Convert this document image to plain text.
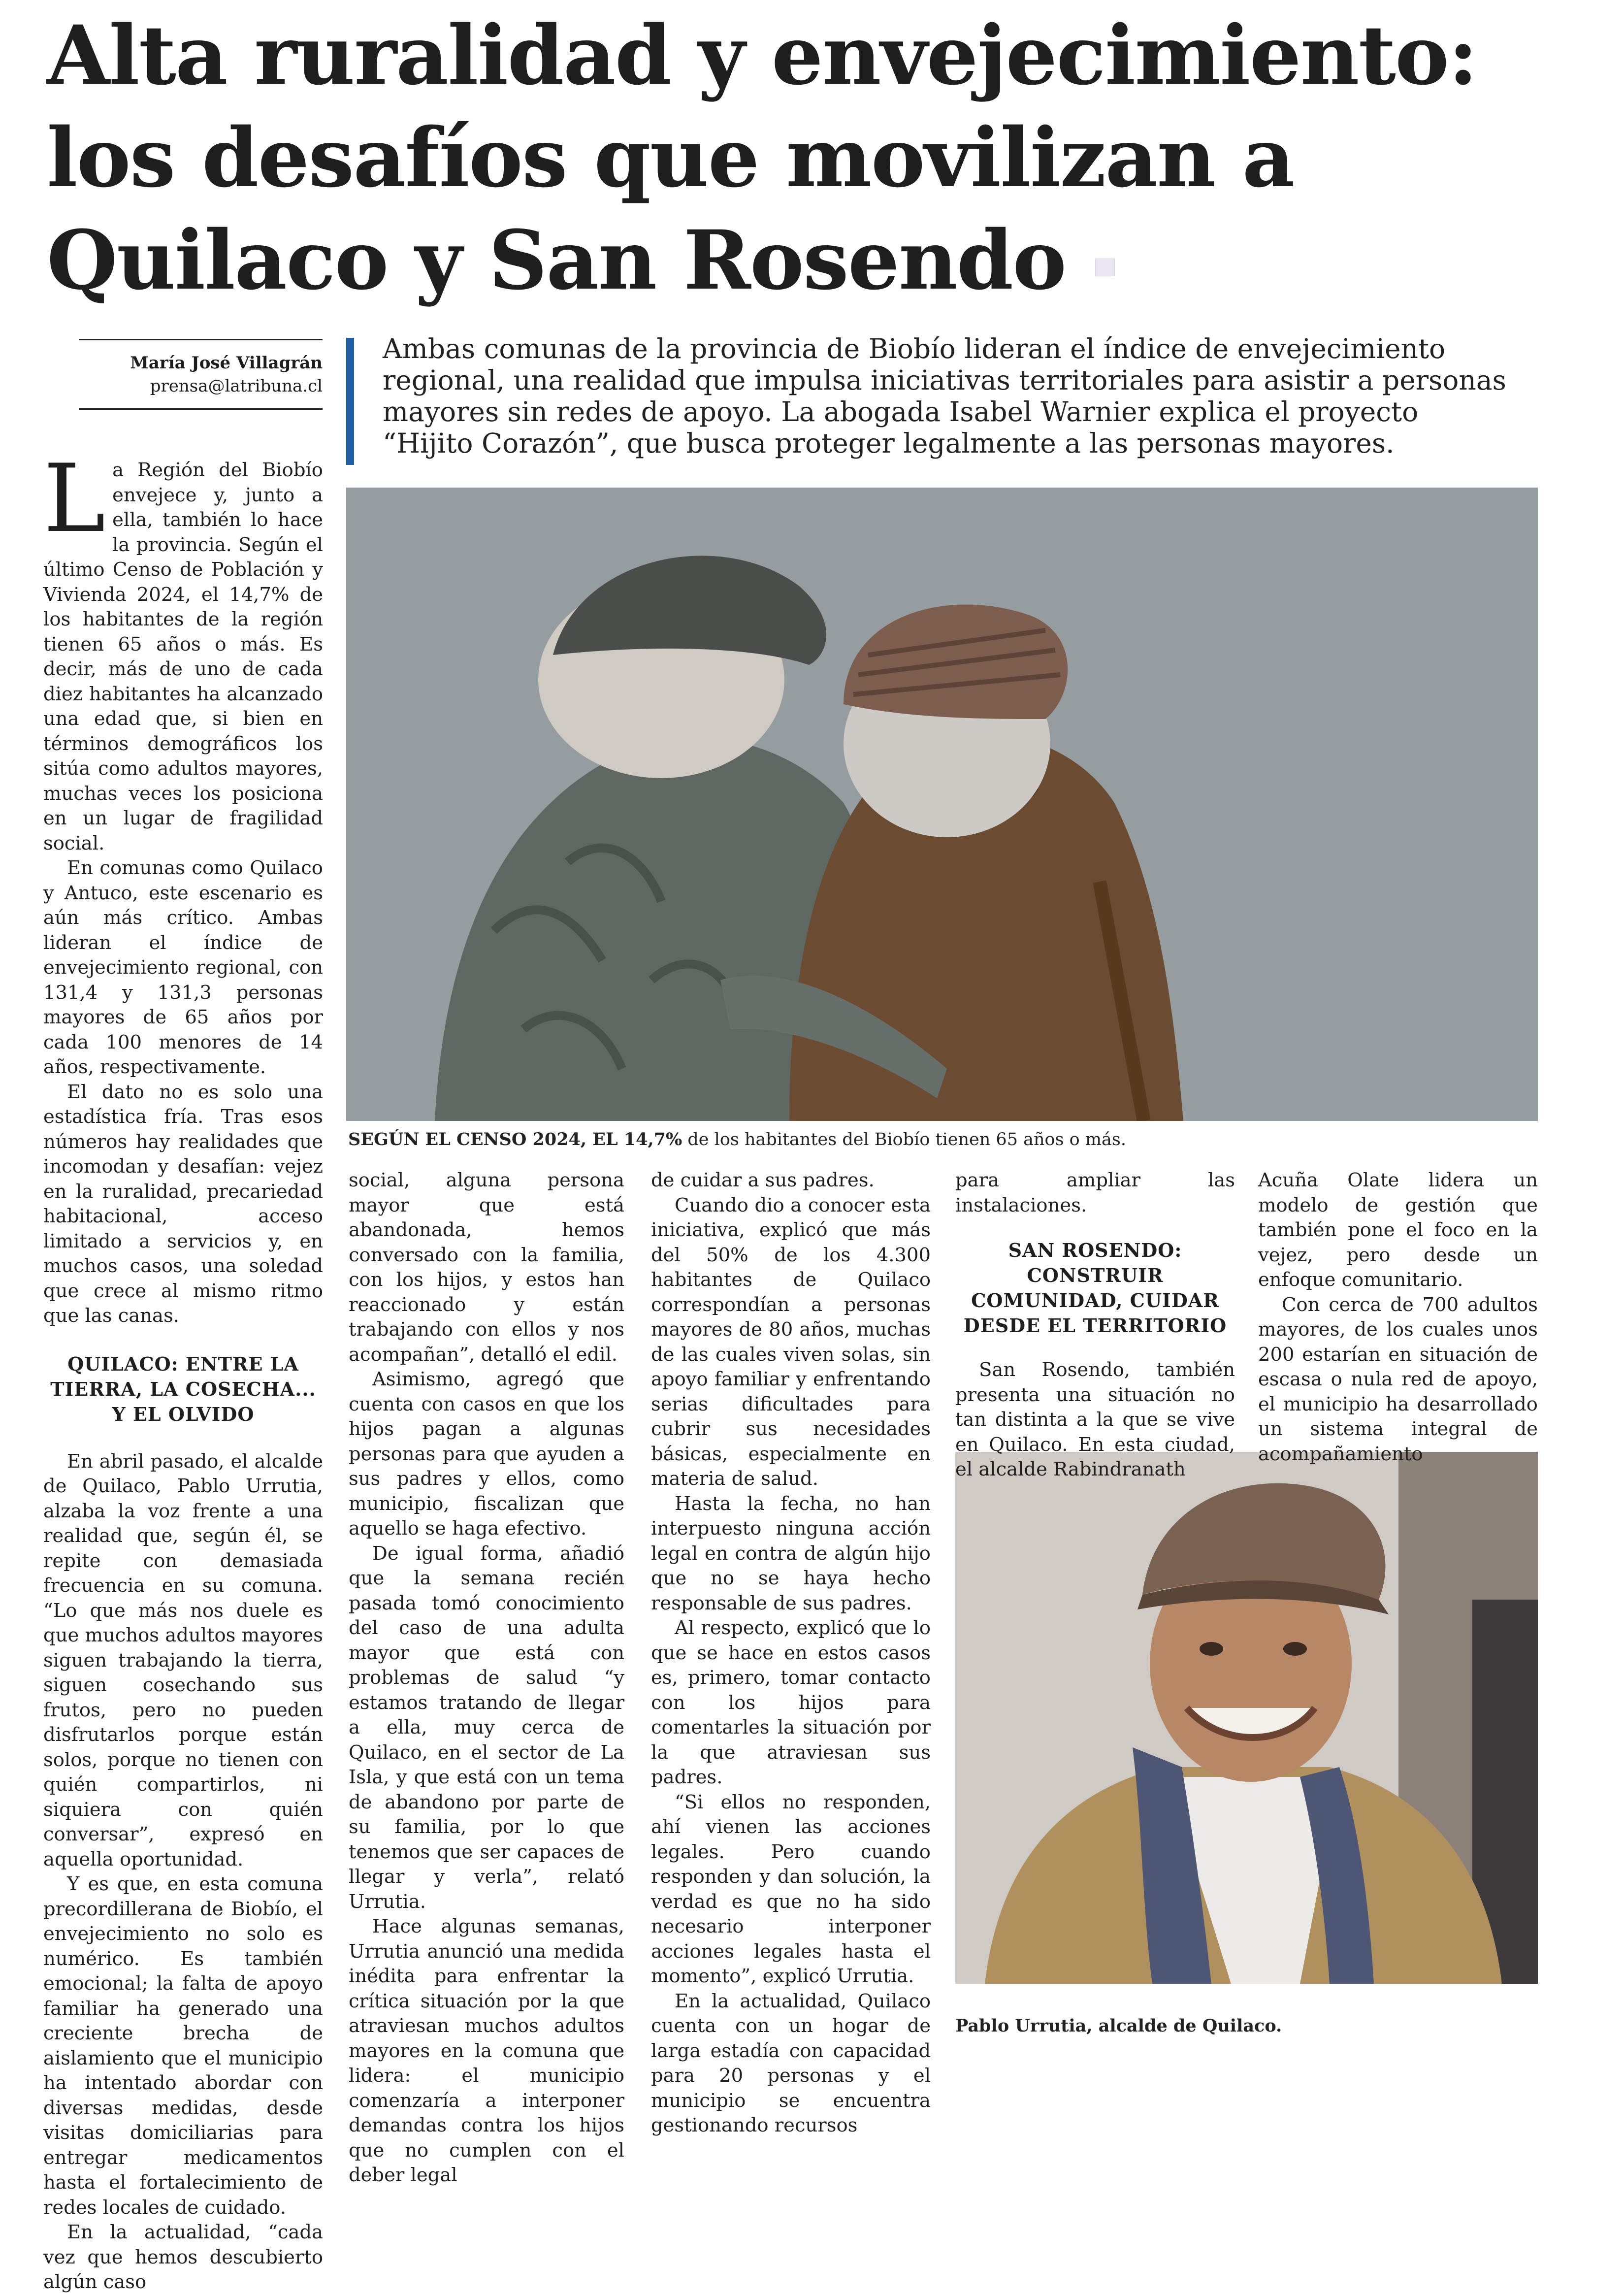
Alta ruralidad y envejecimiento: los desafíos que movilizan a Quilaco y San Rosendo
María José Villagrán
prensa@latribuna.cl

Ambas comunas de la provincia de Biobío lideran el índice de envejecimiento regional, una realidad que impulsa iniciativas territoriales para asistir a personas mayores sin redes de apoyo. La abogada Isabel Warnier explica el proyecto “Hijito Corazón”, que busca proteger legalmente a las personas mayores.

SEGÚN EL CENSO 2024, EL 14,7% de los habitantes del Biobío tienen 65 años o más.
Pablo Urrutia, alcalde de Quilaco.

La Región del Biobío envejece y, junto a ella, también lo hace la provincia. Según el último Censo de Población y Vivienda 2024, el 14,7% de los habitantes de la región tienen 65 años o más. Es decir, más de uno de cada diez habitantes ha alcanzado una edad que, si bien en términos demográficos los sitúa como adultos mayores, muchas veces los posiciona en un lugar de fragilidad social.

En comunas como Quilaco y Antuco, este escenario es aún más crítico. Ambas lideran el índice de envejecimiento regional, con 131,4 y 131,3 personas mayores de 65 años por cada 100 menores de 14 años, respectivamente.

El dato no es solo una estadística fría. Tras esos números hay realidades que incomodan y desafían: vejez en la ruralidad, precariedad habitacional, acceso limitado a servicios y, en muchos casos, una soledad que crece al mismo ritmo que las canas.

QUILACO: ENTRE LA TIERRA, LA COSECHA... Y EL OLVIDO

En abril pasado, el alcalde de Quilaco, Pablo Urrutia, alzaba la voz frente a una realidad que, según él, se repite con demasiada frecuencia en su comuna. “Lo que más nos duele es que muchos adultos mayores siguen trabajando la tierra, siguen cosechando sus frutos, pero no pueden disfrutarlos porque están solos, porque no tienen con quién compartirlos, ni siquiera con quién conversar”, expresó en aquella oportunidad.

Y es que, en esta comuna precordillerana de Biobío, el envejecimiento no solo es numérico. Es también emocional; la falta de apoyo familiar ha generado una creciente brecha de aislamiento que el municipio ha intentado abordar con diversas medidas, desde visitas domiciliarias para entregar medicamentos hasta el fortalecimiento de redes locales de cuidado.

En la actualidad, “cada vez que hemos descubierto algún caso

social, alguna persona mayor que está abandonada, hemos conversado con la familia, con los hijos, y estos han reaccionado y están trabajando con ellos y nos acompañan”, detalló el edil.

Asimismo, agregó que cuenta con casos en que los hijos pagan a algunas personas para que ayuden a sus padres y ellos, como municipio, fiscalizan que aquello se haga efectivo.

De igual forma, añadió que la semana recién pasada tomó conocimiento del caso de una adulta mayor que está con problemas de salud “y estamos tratando de llegar a ella, muy cerca de Quilaco, en el sector de La Isla, y que está con un tema de abandono por parte de su familia, por lo que tenemos que ser capaces de llegar y verla”, relató Urrutia.

Hace algunas semanas, Urrutia anunció una medida inédita para enfrentar la crítica situación por la que atraviesan muchos adultos mayores en la comuna que lidera: el municipio comenzaría a interponer demandas contra los hijos que no cumplen con el deber legal

de cuidar a sus padres.

Cuando dio a conocer esta iniciativa, explicó que más del 50% de los 4.300 habitantes de Quilaco correspondían a personas mayores de 80 años, muchas de las cuales viven solas, sin apoyo familiar y enfrentando serias dificultades para cubrir sus necesidades básicas, especialmente en materia de salud.

Hasta la fecha, no han interpuesto ninguna acción legal en contra de algún hijo que no se haya hecho responsable de sus padres.

Al respecto, explicó que lo que se hace en estos casos es, primero, tomar contacto con los hijos para comentarles la situación por la que atraviesan sus padres.

“Si ellos no responden, ahí vienen las acciones legales. Pero cuando responden y dan solución, la verdad es que no ha sido necesario interponer acciones legales hasta el momento”, explicó Urrutia.

En la actualidad, Quilaco cuenta con un hogar de larga estadía con capacidad para 20 personas y el municipio se encuentra gestionando recursos

para ampliar las instalaciones.

SAN ROSENDO: CONSTRUIR COMUNIDAD, CUIDAR DESDE EL TERRITORIO

San Rosendo, también presenta una situación no tan distinta a la que se vive en Quilaco. En esta ciudad, el alcalde Rabindranath

Acuña Olate lidera un modelo de gestión que también pone el foco en la vejez, pero desde un enfoque comunitario.

Con cerca de 700 adultos mayores, de los cuales unos 200 estarían en situación de escasa o nula red de apoyo, el municipio ha desarrollado un sistema integral de acompañamiento
